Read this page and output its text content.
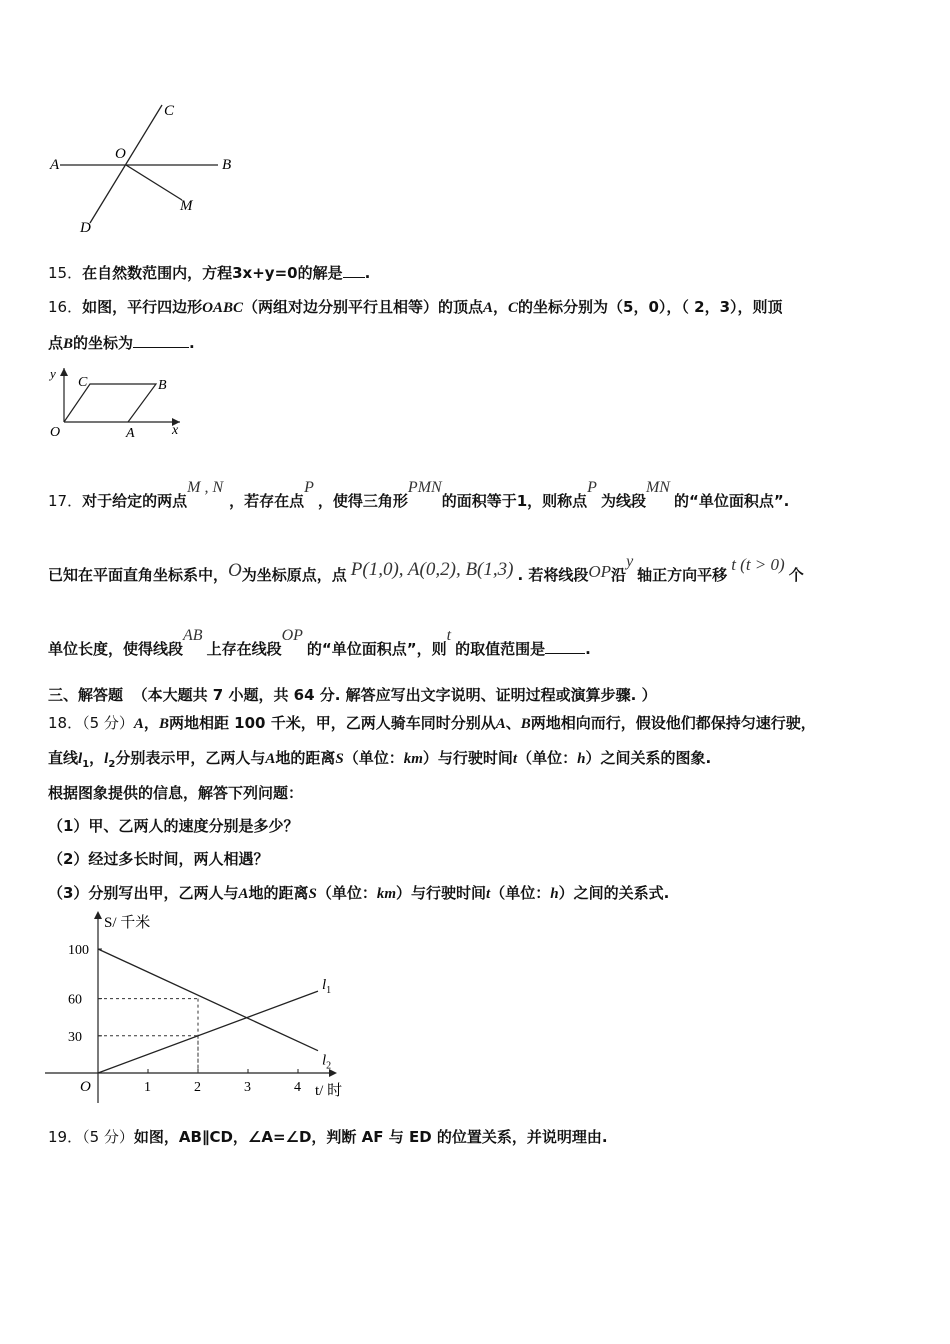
A	B
C
O
M
D
15．在自然数范围内，方程3x+y=0的解是 .
16．如图，平行四边形OABC（两组对边分别平行且相等）的顶点A，C的坐标分别为（5，0），（ 2，3），则顶
点B的坐标为	.
y
x
O	A
B
C
17．对于给定的两点M , N，若存在点P，使得三角形PMN的面积等于1，则称点P为线段MN的“单位面积点”.
已知在平面直角坐标系中，O为坐标原点，点 P(1,0), A(0,2), B(1,3) . 若将线段OP沿y轴正方向平移t (t > 0)个
单位长度，使得线段AB上存在线段OP的“单位面积点”，则t的取值范围是	.
三、解答题 （本大题共 7 小题，共 64 分. 解答应写出文字说明、证明过程或演算步骤. ）
18．（5 分）A，B两地相距 100 千米，甲，乙两人骑车同时分别从A、B两地相向而行，假设他们都保持匀速行驶，
直线$l_1$，$l_2$分别表示甲，乙两人与A地的距离S（单位：km）与行驶时间t（单位：h）之间关系的图象.
根据图象提供的信息，解答下列问题：
（1）甲、乙两人的速度分别是多少？
（2）经过多长时间，两人相遇？
（3）分别写出甲，乙两人与A地的距离S（单位：km）与行驶时间t（单位：h）之间的关系式.
S/ 千米
t/ 时
O	1	2	3	4
30
60
100
$l_1$
$l_2$
19．（5 分）如图，AB∥CD，∠A=∠D，判断 AF 与 ED 的位置关系，并说明理由.
